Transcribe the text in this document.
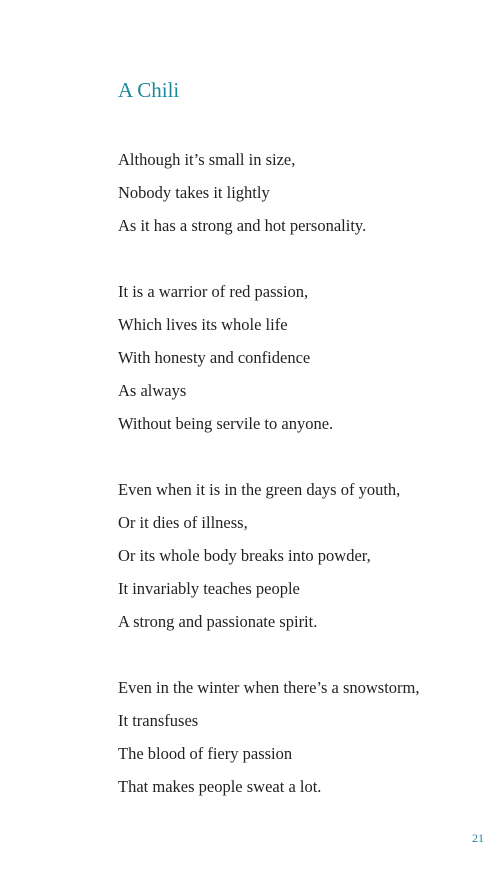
A Chili
Although it’s small in size,
Nobody takes it lightly
As it has a strong and hot personality.
It is a warrior of red passion,
Which lives its whole life
With honesty and confidence
As always
Without being servile to anyone.
Even when it is in the green days of youth,
Or it dies of illness,
Or its whole body breaks into powder,
It invariably teaches people
A strong and passionate spirit.
Even in the winter when there’s a snowstorm,
It transfuses
The blood of fiery passion
That makes people sweat a lot.
21
